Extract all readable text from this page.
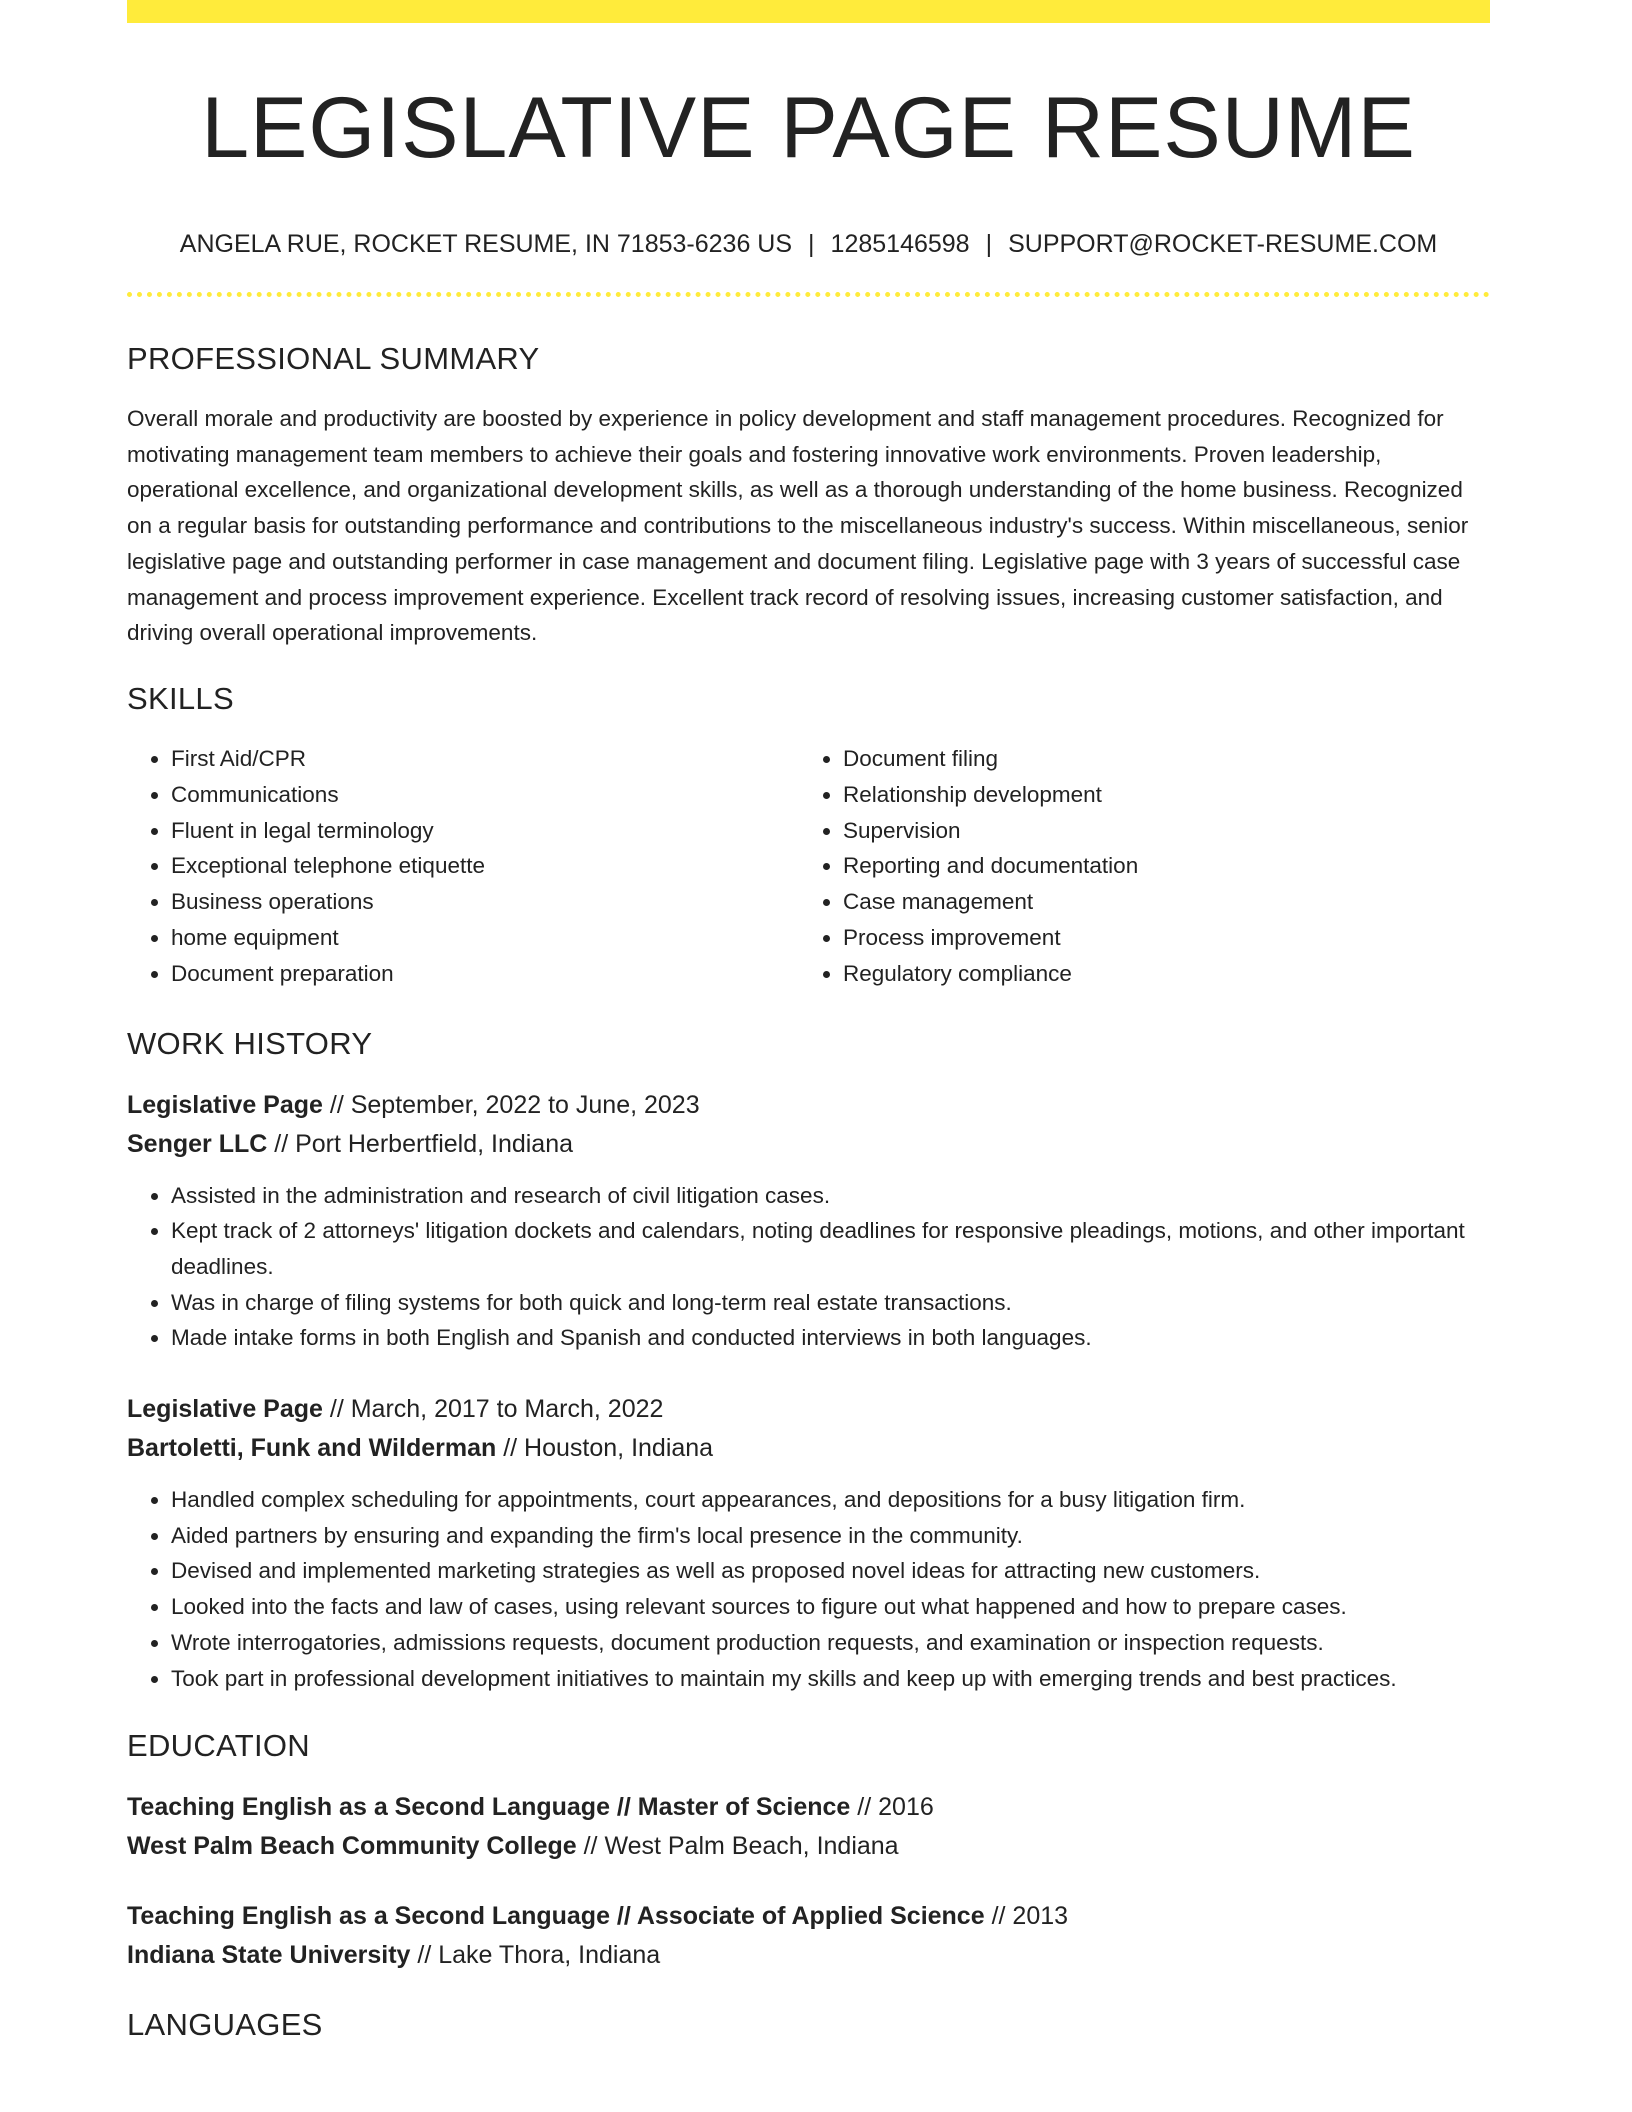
LEGISLATIVE PAGE RESUME
ANGELA RUE, ROCKET RESUME, IN 71853-6236 US | 1285146598 | SUPPORT@ROCKET-RESUME.COM
PROFESSIONAL SUMMARY

Overall morale and productivity are boosted by experience in policy development and staff management procedures. Recognized for motivating management team members to achieve their goals and fostering innovative work environments. Proven leadership, operational excellence, and organizational development skills, as well as a thorough understanding of the home business. Recognized on a regular basis for outstanding performance and contributions to the miscellaneous industry's success. Within miscellaneous, senior legislative page and outstanding performer in case management and document filing. Legislative page with 3 years of successful case management and process improvement experience. Excellent track record of resolving issues, increasing customer satisfaction, and driving overall operational improvements.

SKILLS
• First Aid/CPR
• Communications
• Fluent in legal terminology
• Exceptional telephone etiquette
• Business operations
• home equipment
• Document preparation
• Document filing
• Relationship development
• Supervision
• Reporting and documentation
• Case management
• Process improvement
• Regulatory compliance
WORK HISTORY
Legislative Page // September, 2022 to June, 2023
Senger LLC // Port Herbertfield, Indiana
• Assisted in the administration and research of civil litigation cases.
• Kept track of 2 attorneys' litigation dockets and calendars, noting deadlines for responsive pleadings, motions, and other important deadlines.
• Was in charge of filing systems for both quick and long-term real estate transactions.
• Made intake forms in both English and Spanish and conducted interviews in both languages.
Legislative Page // March, 2017 to March, 2022
Bartoletti, Funk and Wilderman // Houston, Indiana
• Handled complex scheduling for appointments, court appearances, and depositions for a busy litigation firm.
• Aided partners by ensuring and expanding the firm's local presence in the community.
• Devised and implemented marketing strategies as well as proposed novel ideas for attracting new customers.
• Looked into the facts and law of cases, using relevant sources to figure out what happened and how to prepare cases.
• Wrote interrogatories, admissions requests, document production requests, and examination or inspection requests.
• Took part in professional development initiatives to maintain my skills and keep up with emerging trends and best practices.
EDUCATION
Teaching English as a Second Language // Master of Science // 2016
West Palm Beach Community College // West Palm Beach, Indiana
Teaching English as a Second Language // Associate of Applied Science // 2013
Indiana State University // Lake Thora, Indiana
LANGUAGES
